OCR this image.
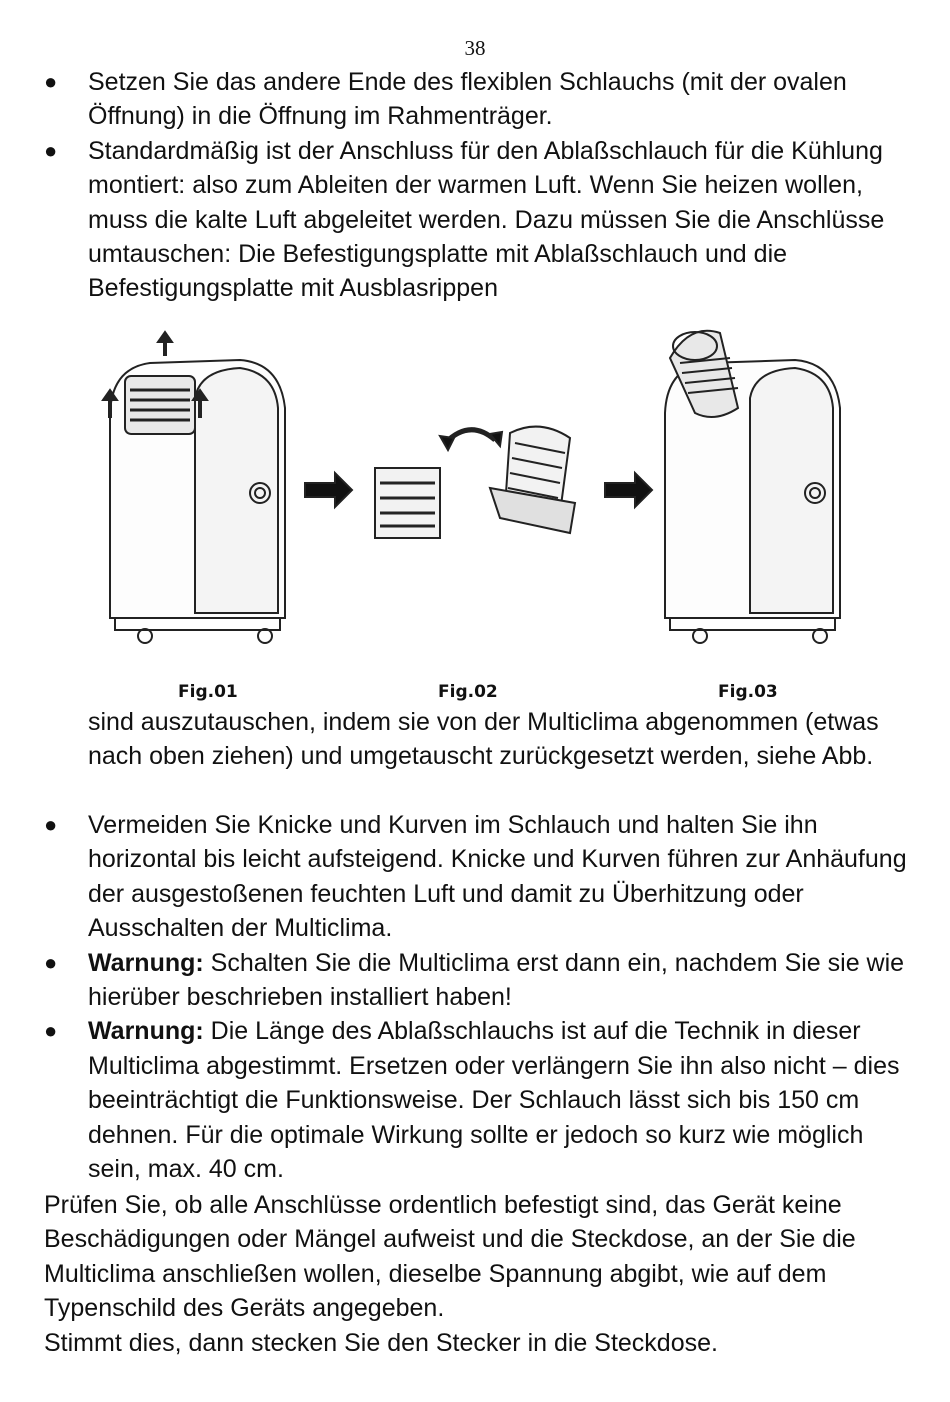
38
● Setzen Sie das andere Ende des flexiblen Schlauchs (mit der ovalen Öffnung) in die Öffnung im Rahmenträger.
● Standardmäßig ist der Anschluss für den Ablaßschlauch für die Kühlung montiert: also zum Ableiten der warmen Luft. Wenn Sie heizen wollen, muss die kalte Luft abgeleitet werden. Dazu müssen Sie die Anschlüsse umtauschen: Die Befestigungsplatte mit Ablaßschlauch und die Befestigungsplatte mit Ausblasrippen
Fig.01	Fig.02	Fig.03
sind auszutauschen, indem sie von der Multiclima abgenommen (etwas nach oben ziehen) und umgetauscht zurückgesetzt werden, siehe Abb.
● Vermeiden Sie Knicke und Kurven im Schlauch und halten Sie ihn horizontal bis leicht aufsteigend. Knicke und Kurven führen zur Anhäufung der ausgestoßenen feuchten Luft und damit zu Überhitzung oder Ausschalten der Multiclima.
● Warnung: Schalten Sie die Multiclima erst dann ein, nachdem Sie sie wie hierüber beschrieben installiert haben!
● Warnung: Die Länge des Ablaßschlauchs ist auf die Technik in dieser Multiclima abgestimmt. Ersetzen oder verlängern Sie ihn also nicht – dies beeinträchtigt die Funktionsweise. Der Schlauch lässt sich bis 150 cm dehnen. Für die optimale Wirkung sollte er jedoch so kurz wie möglich sein, max. 40 cm.
Prüfen Sie, ob alle Anschlüsse ordentlich befestigt sind, das Gerät keine Beschädigungen oder Mängel aufweist und die Steckdose, an der Sie die Multiclima anschließen wollen, dieselbe Spannung abgibt, wie auf dem Typenschild des Geräts angegeben.
Stimmt dies, dann stecken Sie den Stecker in die Steckdose.
